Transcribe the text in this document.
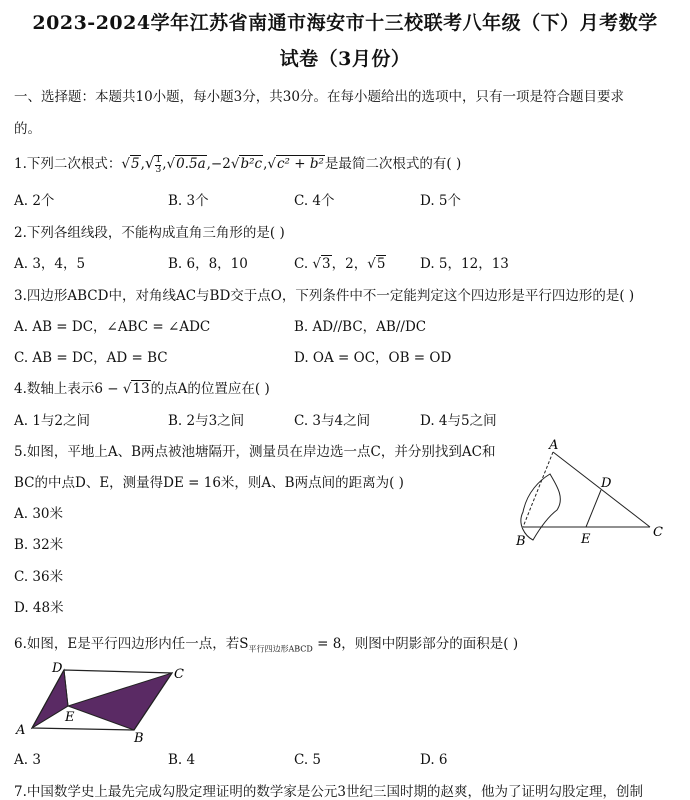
2023-2024学年江苏省南通市海安市十三校联考八年级（下）月考数学
试卷（3月份）
一、选择题：本题共10小题，每小题3分，共30分。在每小题给出的选项中，只有一项是符合题目要求
的。
1.下列二次根式：$√5,√ \frac{1}{3} ,√0.5a,-2√b^2c,√c^2 + b^2$是最简二次根式的有( )
A. 2个	B. 3个	C. 4个	D. 5个
2.下列各组线段，不能构成直角三角形的是( )
A. 3，4，5	B. 6，8，10	C. √3，2，√5	D. 5，12，13
3.四边形ABCD中，对角线AC与BD交于点O，下列条件中不一定能判定这个四边形是平行四边形的是( )
A. AB = DC，∠ABC = ∠ADC	B. AD//BC，AB//DC
C. AB = DC，AD = BC	D. OA = OC，OB = OD
4.数轴上表示6 − √13的点A的位置应在( )
A. 1与2之间	B. 2与3之间	C. 3与4之间	D. 4与5之间
5.如图，平地上A、B两点被池塘隔开，测量员在岸边选一点C，并分别找到AC和
BC的中点D、E，测量得DE = 16米，则A、B两点间的距离为( )
A. 30米
B. 32米
C. 36米
D. 48米
A
B
C
D
E
6.如图，E是平行四边形内任一点，若$S_{平行四边形ABCD} = 8$，则图中阴影部分的面积是( )
A
B
C
D
E
A. 3	B. 4	C. 5	D. 6
7.中国数学史上最先完成勾股定理证明的数学家是公元3世纪三国时期的赵爽，他为了证明勾股定理，创制
